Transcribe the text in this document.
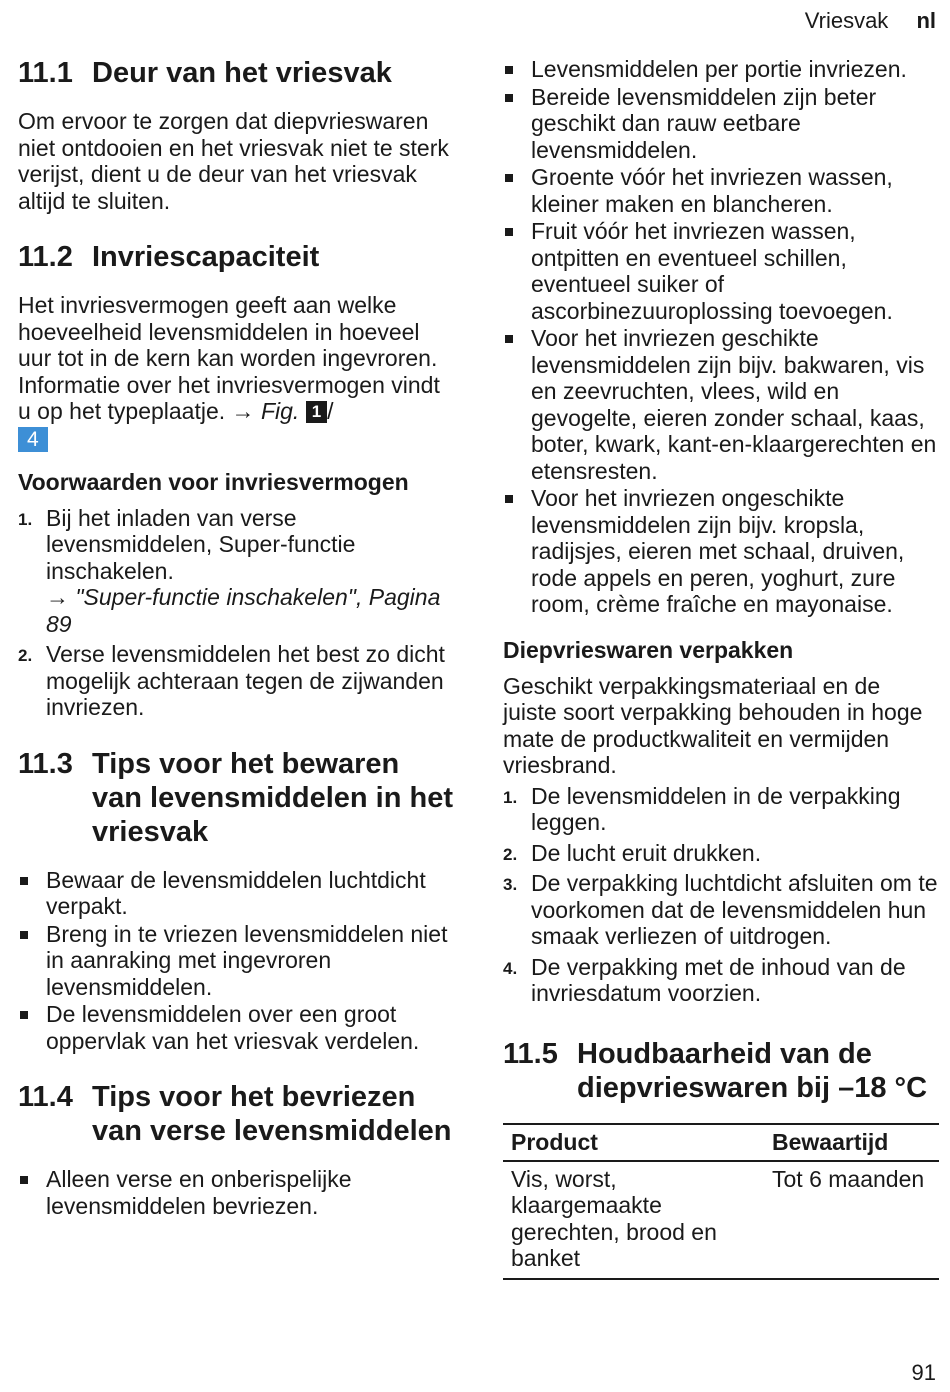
Vriesvak nl
11.1 Deur van het vriesvak

Om ervoor te zorgen dat diepvrieswaren niet ontdooien en het vriesvak niet te sterk verijst, dient u de deur van het vriesvak altijd te sluiten.

11.2 Invriescapaciteit

Het invriesvermogen geeft aan welke hoeveelheid levensmiddelen in hoeveel uur tot in de kern kan worden ingevroren.

Informatie over het invriesvermogen vindt u op het typeplaatje. → Fig. 1 /
4

Voorwaarden voor invriesvermogen
1. Bij het inladen van verse levensmiddelen, Super-functie inschakelen.
→ "Super-functie inschakelen", Pagina 89
2. Verse levensmiddelen het best zo dicht mogelijk achteraan tegen de zijwanden invriezen.
11.3 Tips voor het bewaren van levensmiddelen in het vriesvak
Bewaar de levensmiddelen luchtdicht verpakt.
Breng in te vriezen levensmiddelen niet in aanraking met ingevroren levensmiddelen.
De levensmiddelen over een groot oppervlak van het vriesvak verdelen.
11.4 Tips voor het bevriezen van verse levensmiddelen
Alleen verse en onberispelijke levensmiddelen bevriezen.
Levensmiddelen per portie invriezen.
Bereide levensmiddelen zijn beter geschikt dan rauw eetbare levensmiddelen.
Groente vóór het invriezen wassen, kleiner maken en blancheren.
Fruit vóór het invriezen wassen, ontpitten en eventueel schillen, eventueel suiker of ascorbinezuuroplossing toevoegen.
Voor het invriezen geschikte levensmiddelen zijn bijv. bakwaren, vis en zeevruchten, vlees, wild en gevogelte, eieren zonder schaal, kaas, boter, kwark, kant-en-klaargerechten en etensresten.
Voor het invriezen ongeschikte levensmiddelen zijn bijv. kropsla, radijsjes, eieren met schaal, druiven, rode appels en peren, yoghurt, zure room, crème fraîche en mayonaise.
Diepvrieswaren verpakken

Geschikt verpakkingsmateriaal en de juiste soort verpakking behouden in hoge mate de productkwaliteit en vermijden vriesbrand.

1. De levensmiddelen in de verpakking leggen.
2. De lucht eruit drukken.
3. De verpakking luchtdicht afsluiten om te voorkomen dat de levensmiddelen hun smaak verliezen of uitdrogen.
4. De verpakking met de inhoud van de invriesdatum voorzien.
11.5 Houdbaarheid van de diepvrieswaren bij –18 °C
Product	Bewaartijd
Vis, worst, klaargemaakte gerechten, brood en banket	Tot 6 maanden
91
